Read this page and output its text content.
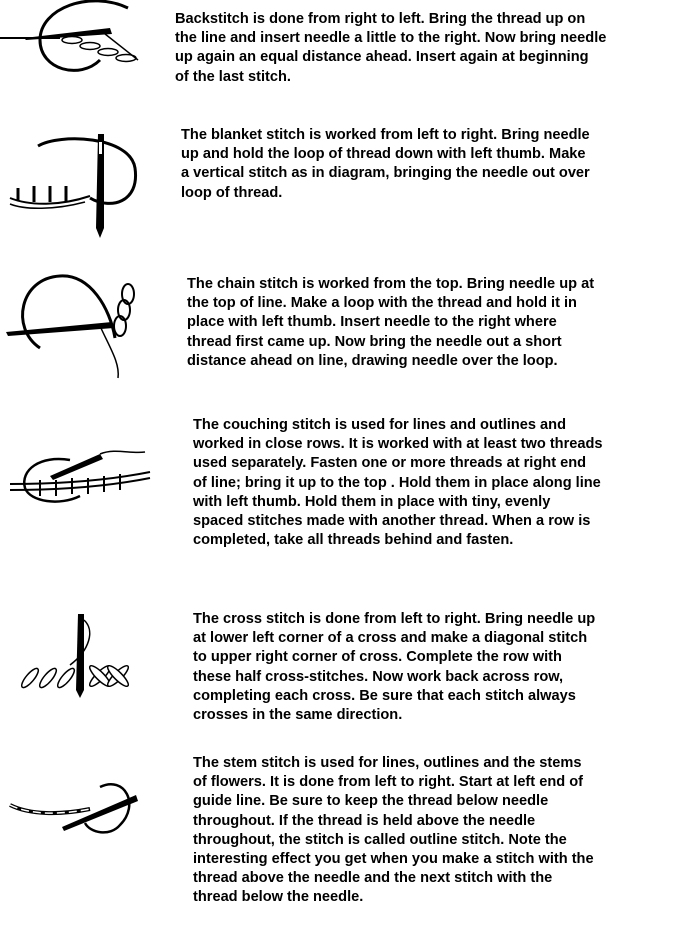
Backstitch is done from right to left. Bring the thread up on
the line and insert needle a little to the right. Now bring needle
up again an equal distance ahead. Insert again at beginning
of the last stitch.

The blanket stitch is worked from left to right. Bring needle
up and hold the loop of thread down with left thumb. Make
a vertical stitch as in diagram, bringing the needle out over
loop of thread.

The chain stitch is worked from the top. Bring needle up at
the top of line. Make a loop with the thread and hold it in
place with left thumb. Insert needle to the right where
thread first came up. Now bring the needle out a short
distance ahead on line, drawing needle over the loop.

The couching stitch is used for lines and outlines and
worked in close rows. It is worked with at least two threads
used separately. Fasten one or more threads at right end
of line; bring it up to the top . Hold them in place along line
with left thumb. Hold them in place with tiny, evenly
spaced stitches made with another thread. When a row is
completed, take all threads behind and fasten.

The cross stitch is done from left to right. Bring needle up
at lower left corner of a cross and make a diagonal stitch
to upper right corner of cross. Complete the row with
these half cross-stitches. Now work back across row,
completing each cross. Be sure that each stitch always
crosses in the same direction.

The stem stitch is used for lines, outlines and the stems
of flowers. It is done from left to right. Start at left end of
guide line. Be sure to keep the thread below needle
throughout. If the thread is held above the needle
throughout, the stitch is called outline stitch. Note the
interesting effect you get when you make a stitch with the
thread above the needle and the next stitch with the
thread below the needle.
